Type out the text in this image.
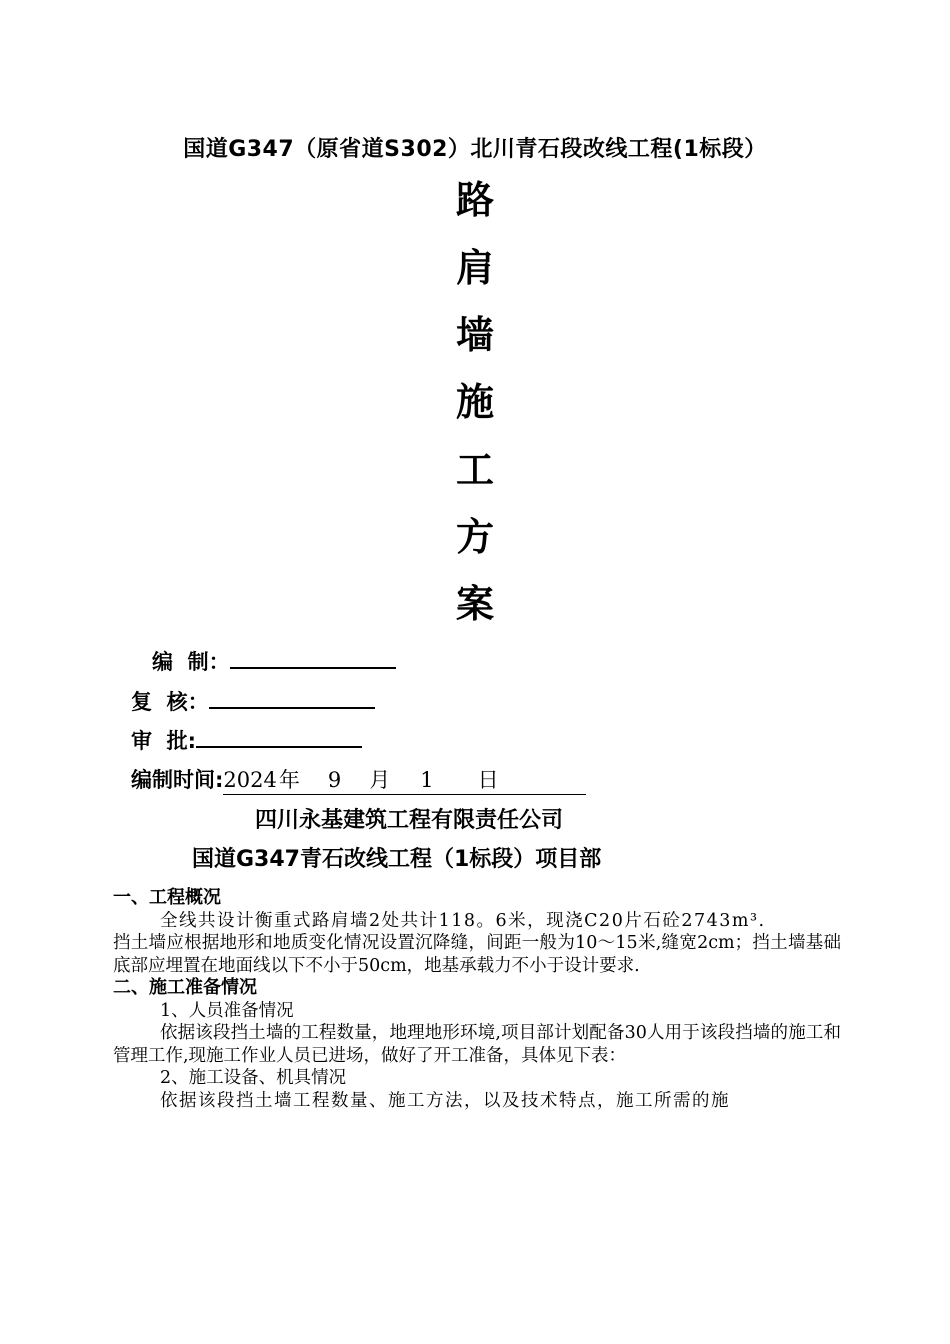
国道G347（原省道S302）北川青石段改线工程(1标段）
路
肩
墙
施
工
方
案
编  制：
复  核：
审  批:
编制时间:2024年 9 月 1 日
四川永基建筑工程有限责任公司
国道G347青石改线工程（1标段）项目部
一、工程概况
全线共设计衡重式路肩墙2处共计118。6米，现浇C20片石砼2743m³.
挡土墙应根据地形和地质变化情况设置沉降缝，间距一般为10～15米,缝宽2cm；挡土墙基础底部应埋置在地面线以下不小于50cm，地基承载力不小于设计要求.
二、施工准备情况
1、人员准备情况
依据该段挡土墙的工程数量，地理地形环境,项目部计划配备30人用于该段挡墙的施工和管理工作,现施工作业人员已进场，做好了开工准备，具体见下表：
2、施工设备、机具情况
依据该段挡土墙工程数量、施工方法，以及技术特点，施工所需的施
